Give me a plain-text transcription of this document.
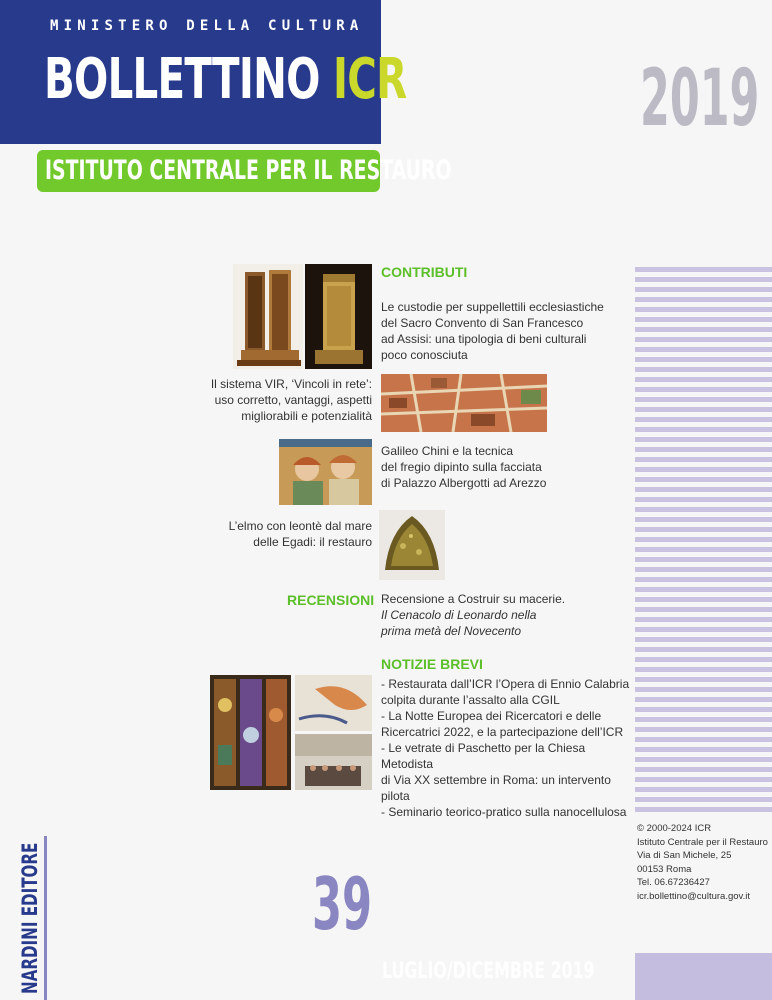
MINISTERO DELLA CULTURA
BOLLETTINO ICR
ISTITUTO CENTRALE PER IL RESTAURO
2019
CONTRIBUTI
Le custodie per suppellettili ecclesiastiche
del Sacro Convento di San Francesco
ad Assisi: una tipologia di beni culturali
poco conosciuta
Il sistema VIR, ‘Vincoli in rete’:
uso corretto, vantaggi, aspetti
migliorabili e potenzialità
Galileo Chini e la tecnica
del fregio dipinto sulla facciata
di Palazzo Albergotti ad Arezzo
L’elmo con leontè dal mare
delle Egadi: il restauro
RECENSIONI Recensione a Costruir su macerie.
Il Cenacolo di Leonardo nella
prima metà del Novecento
NOTIZIE BREVI
- Restaurata dall’ICR l’Opera di Ennio Calabria
colpita durante l’assalto alla CGIL
- La Notte Europea dei Ricercatori e delle
Ricercatrici 2022, e la partecipazione dell’ICR
- Le vetrate di Paschetto per la Chiesa Metodista
di Via XX settembre in Roma: un intervento pilota
- Seminario teorico-pratico sulla nanocellulosa
© 2000-2024 ICR
Istituto Centrale per il Restauro
Via di San Michele, 25
00153 Roma
Tel. 06.67236427
icr.bollettino@cultura.gov.it
NARDINI EDITORE	39
LUGLIO/DICEMBRE 2019
